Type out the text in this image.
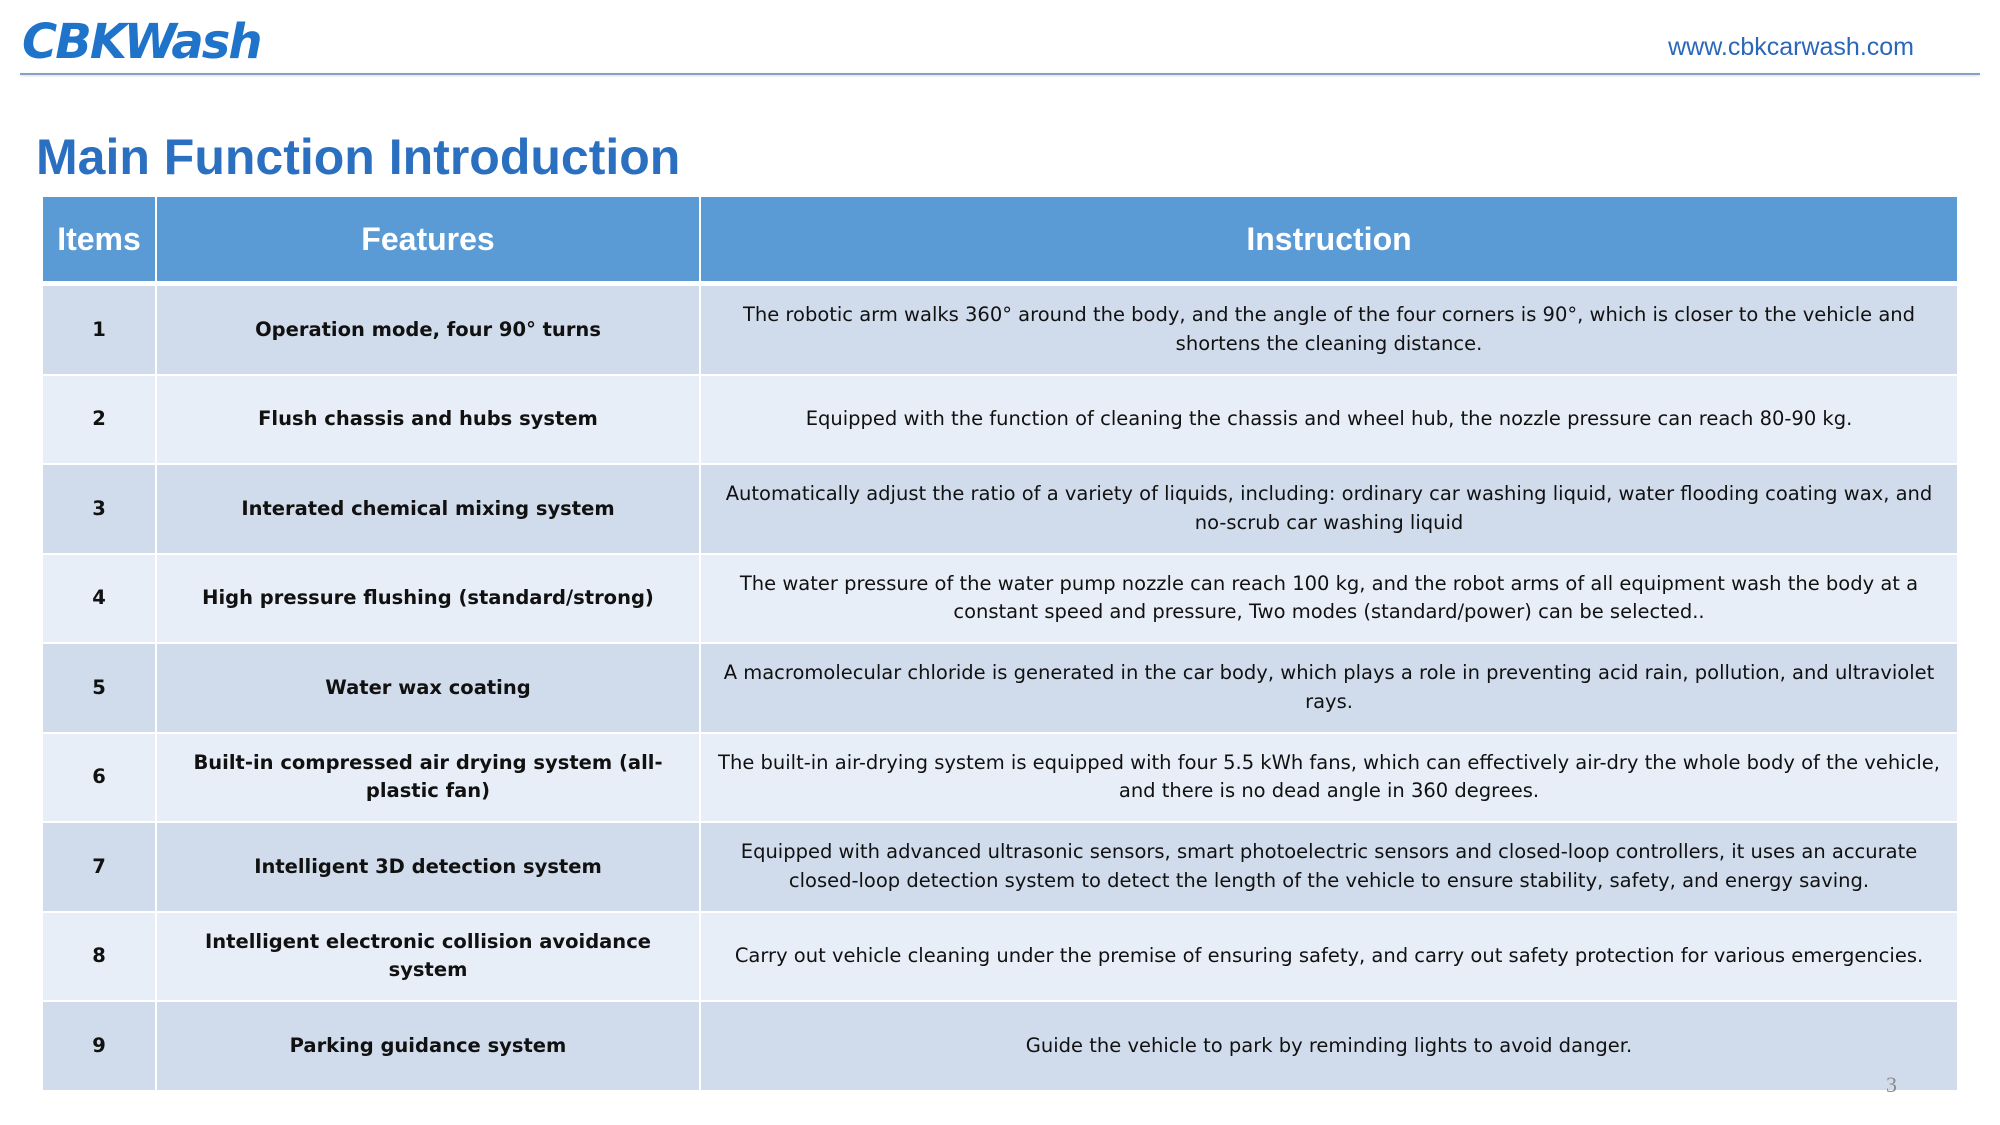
CBKWash	www.cbkcarwash.com
Main Function Introduction
Items	Features	Instruction
1	Operation mode, four 90° turns	The robotic arm walks 360° around the body, and the angle of the four corners is 90°, which is closer to the vehicle and shortens the cleaning distance.
2	Flush chassis and hubs system	Equipped with the function of cleaning the chassis and wheel hub, the nozzle pressure can reach 80-90 kg.
3	Interated chemical mixing system	Automatically adjust the ratio of a variety of liquids, including: ordinary car washing liquid, water flooding coating wax, and no-scrub car washing liquid
4	High pressure flushing (standard/strong)	The water pressure of the water pump nozzle can reach 100 kg, and the robot arms of all equipment wash the body at a constant speed and pressure, Two modes (standard/power) can be selected..
5	Water wax coating	A macromolecular chloride is generated in the car body, which plays a role in preventing acid rain, pollution, and ultraviolet rays.
6	Built-in compressed air drying system (all-plastic fan)	The built-in air-drying system is equipped with four 5.5 kWh fans, which can effectively air-dry the whole body of the vehicle, and there is no dead angle in 360 degrees.
7	Intelligent 3D detection system	Equipped with advanced ultrasonic sensors, smart photoelectric sensors and closed-loop controllers, it uses an accurate closed-loop detection system to detect the length of the vehicle to ensure stability, safety, and energy saving.
8	Intelligent electronic collision avoidance system	Carry out vehicle cleaning under the premise of ensuring safety, and carry out safety protection for various emergencies.
9	Parking guidance system	Guide the vehicle to park by reminding lights to avoid danger.
3
